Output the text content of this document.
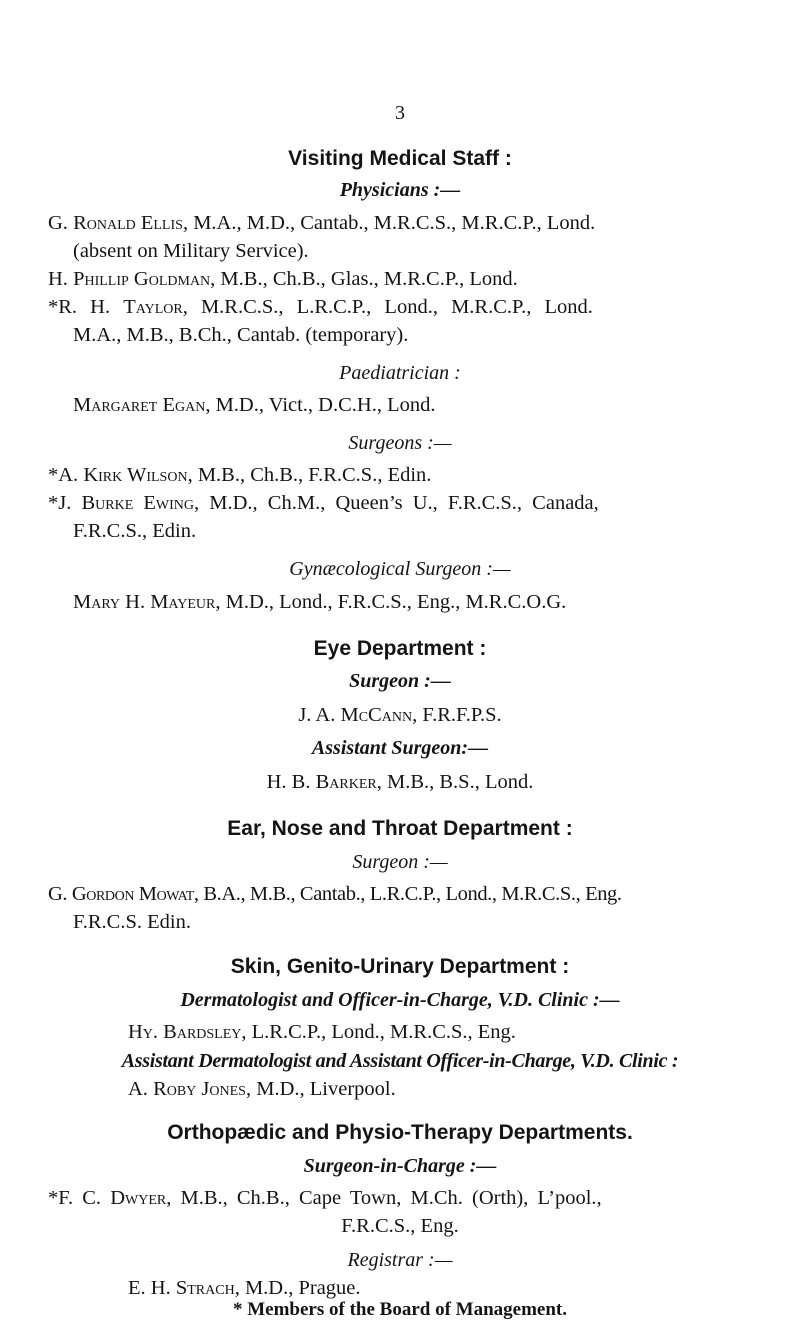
3
Visiting Medical Staff :
Physicians :—
G. Ronald Ellis, M.A., M.D., Cantab., M.R.C.S., M.R.C.P., Lond.
(absent on Military Service).
H. Phillip Goldman, M.B., Ch.B., Glas., M.R.C.P., Lond.
*R. H. Taylor, M.R.C.S., L.R.C.P., Lond., M.R.C.P., Lond.
M.A., M.B., B.Ch., Cantab. (temporary).
Paediatrician :
Margaret Egan, M.D., Vict., D.C.H., Lond.
Surgeons :—
*A. Kirk Wilson, M.B., Ch.B., F.R.C.S., Edin.
*J. Burke Ewing, M.D., Ch.M., Queen’s U., F.R.C.S., Canada,
F.R.C.S., Edin.
Gynæcological Surgeon :—
Mary H. Mayeur, M.D., Lond., F.R.C.S., Eng., M.R.C.O.G.
Eye Department :
Surgeon :—
J. A. McCann, F.R.F.P.S.
Assistant Surgeon:—
H. B. Barker, M.B., B.S., Lond.
Ear, Nose and Throat Department :
Surgeon :—
G. Gordon Mowat, B.A., M.B., Cantab., L.R.C.P., Lond., M.R.C.S., Eng.
F.R.C.S. Edin.
Skin, Genito-Urinary Department :
Dermatologist and Officer-in-Charge, V.D. Clinic :—
Hy. Bardsley, L.R.C.P., Lond., M.R.C.S., Eng.
Assistant Dermatologist and Assistant Officer-in-Charge, V.D. Clinic :
A. Roby Jones, M.D., Liverpool.
Orthopædic and Physio-Therapy Departments.
Surgeon-in-Charge :—
*F. C. Dwyer, M.B., Ch.B., Cape Town, M.Ch. (Orth), L’pool.,
F.R.C.S., Eng.
Registrar :—
E. H. Strach, M.D., Prague.
* Members of the Board of Management.
